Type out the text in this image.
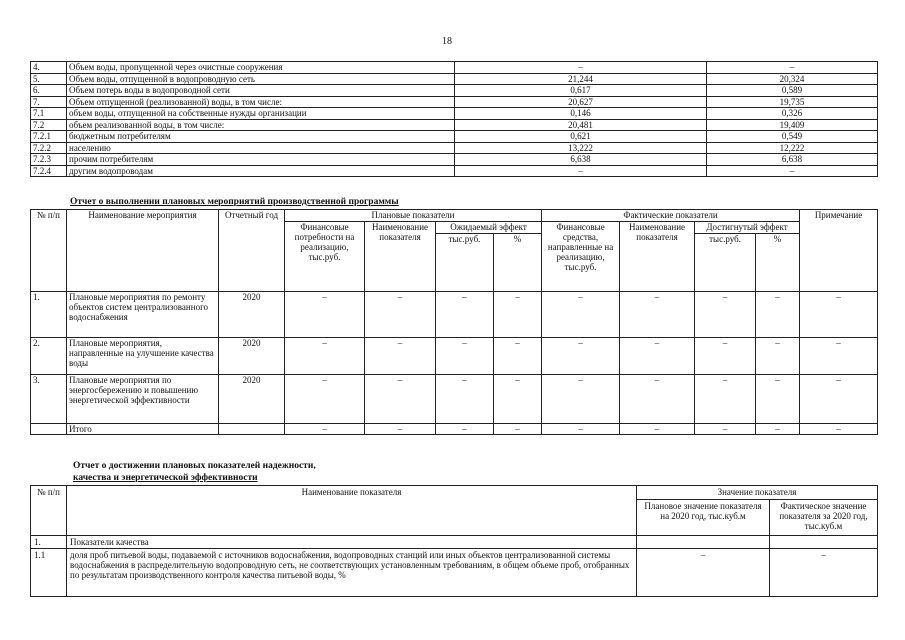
18
4.	Объем воды, пропущенной через очистные сооружения	–	–
5.	Объем воды, отпущенной в водопроводную сеть	21,244	20,324
6.	Объем потерь воды в водопроводной сети	0,617	0,589
7.	Объем отпущенной (реализованной) воды, в том числе:	20,627	19,735
7.1	объем воды, отпущенной на собственные нужды организации	0,146	0,326
7.2	объем реализованной воды, в том числе:	20,481	19,409
7.2.1	бюджетным потребителям	0,621	0,549
7.2.2	населению	13,222	12,222
7.2.3	прочим потребителям	6,638	6,638
7.2.4	другим водопроводам	–	–
Отчет о выполнении плановых мероприятий производственной программы
№ п/п	Наименование мероприятия	Отчетный год	Плановые показатели				Фактические показатели				Примечание
			Финансовые потребности на реализацию, тыс.руб.	Наименование показателя	Ожидаемый эффект		Финансовые средства, направленные на реализацию, тыс.руб.	Наименование показателя	Достигнутый эффект		
					тыс.руб.	%			тыс.руб.	%	
1.	Плановые мероприятия по ремонту объектов систем централизованного водоснабжения	2020	–	–	–	–	–	–	–	–	–
2.	Плановые мероприятия, направленные на улучшение качества воды	2020	–	–	–	–	–	–	–	–	–
3.	Плановые мероприятия по энергосбережению и повышению энергетической эффективности	2020	–	–	–	–	–	–	–	–	–
	Итого		–	–	–	–	–	–	–	–	–
Отчет о достижении плановых показателей надежности,
качества и энергетической эффективности
№ п/п	Наименование показателя	Значение показателя	
		Плановое значение показателя на 2020 год, тыс.куб.м	Фактическое значение показателя за 2020 год, тыс.куб.м
1.	Показатели качества		
1.1	доля проб питьевой воды, подаваемой с источников водоснабжения, водопроводных станций или иных объектов централизованной системы водоснабжения в распределительную водопроводную сеть, не соответствующих установленным требованиям, в общем объеме проб, отобранных по результатам производственного контроля качества питьевой воды, %	–	–
